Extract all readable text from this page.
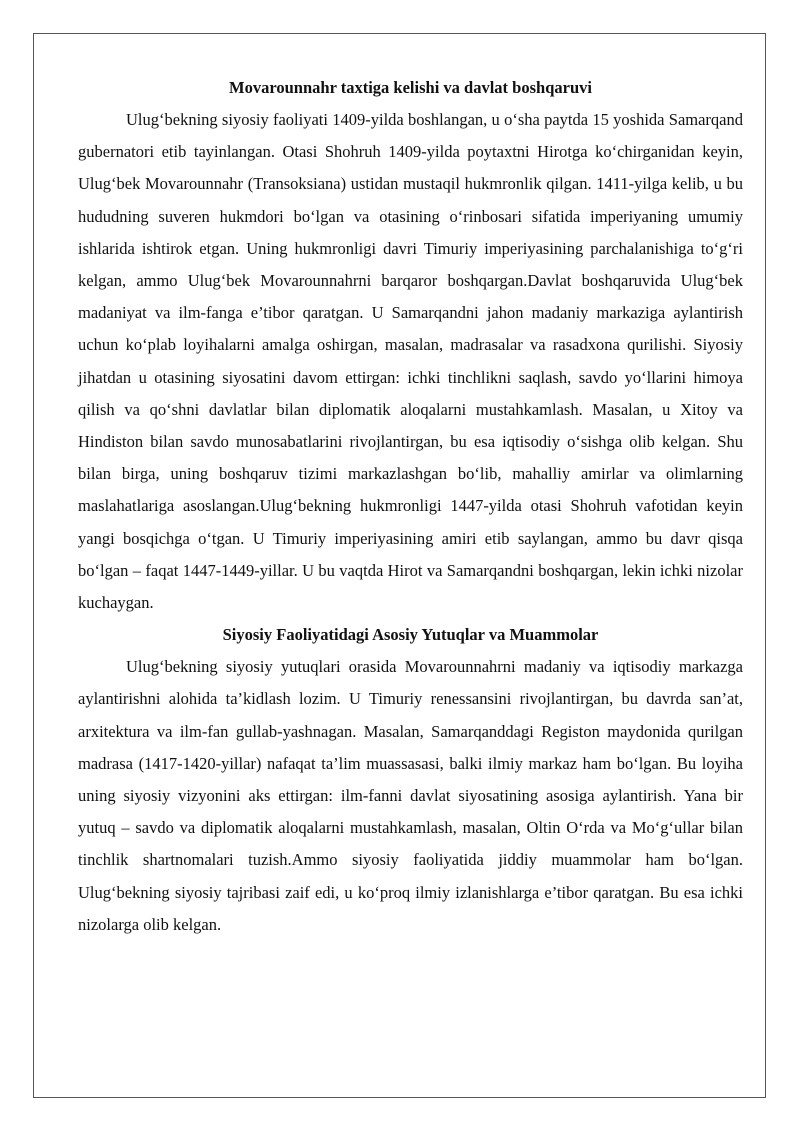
Movarounnahr taxtiga kelishi va davlat boshqaruvi

Ulug‘bekning siyosiy faoliyati 1409-yilda boshlangan, u o‘sha paytda 15 yoshida Samarqand gubernatori etib tayinlangan. Otasi Shohruh 1409-yilda poytaxtni Hirotga ko‘chirganidan keyin, Ulug‘bek Movarounnahr (Transoksiana) ustidan mustaqil hukmronlik qilgan. 1411-yilga kelib, u bu hududning suveren hukmdori bo‘lgan va otasining o‘rinbosari sifatida imperiyaning umumiy ishlarida ishtirok etgan. Uning hukmronligi davri Timuriy imperiyasining parchalanishiga to‘g‘ri kelgan, ammo Ulug‘bek Movarounnahrni barqaror boshqargan.Davlat boshqaruvida Ulug‘bek madaniyat va ilm-fanga e’tibor qaratgan. U Samarqandni jahon madaniy markaziga aylantirish uchun ko‘plab loyihalarni amalga oshirgan, masalan, madrasalar va rasadxona qurilishi. Siyosiy jihatdan u otasining siyosatini davom ettirgan: ichki tinchlikni saqlash, savdo yo‘llarini himoya qilish va qo‘shni davlatlar bilan diplomatik aloqalarni mustahkamlash. Masalan, u Xitoy va Hindiston bilan savdo munosabatlarini rivojlantirgan, bu esa iqtisodiy o‘sishga olib kelgan. Shu bilan birga, uning boshqaruv tizimi markazlashgan bo‘lib, mahalliy amirlar va olimlarning maslahatlariga asoslangan.Ulug‘bekning hukmronligi 1447-yilda otasi Shohruh vafotidan keyin yangi bosqichga o‘tgan. U Timuriy imperiyasining amiri etib saylangan, ammo bu davr qisqa bo‘lgan – faqat 1447-1449-yillar. U bu vaqtda Hirot va Samarqandni boshqargan, lekin ichki nizolar kuchaygan.

Siyosiy Faoliyatidagi Asosiy Yutuqlar va Muammolar

Ulug‘bekning siyosiy yutuqlari orasida Movarounnahrni madaniy va iqtisodiy markazga aylantirishni alohida ta’kidlash lozim. U Timuriy renessansini rivojlantirgan, bu davrda san’at, arxitektura va ilm-fan gullab-yashnagan. Masalan, Samarqanddagi Registon maydonida qurilgan madrasa (1417-1420-yillar) nafaqat ta’lim muassasasi, balki ilmiy markaz ham bo‘lgan. Bu loyiha uning siyosiy vizyonini aks ettirgan: ilm-fanni davlat siyosatining asosiga aylantirish. Yana bir yutuq – savdo va diplomatik aloqalarni mustahkamlash, masalan, Oltin O‘rda va Mo‘g‘ullar bilan tinchlik shartnomalari tuzish.Ammo siyosiy faoliyatida jiddiy muammolar ham bo‘lgan. Ulug‘bekning siyosiy tajribasi zaif edi, u ko‘proq ilmiy izlanishlarga e’tibor qaratgan. Bu esa ichki nizolarga olib kelgan.
